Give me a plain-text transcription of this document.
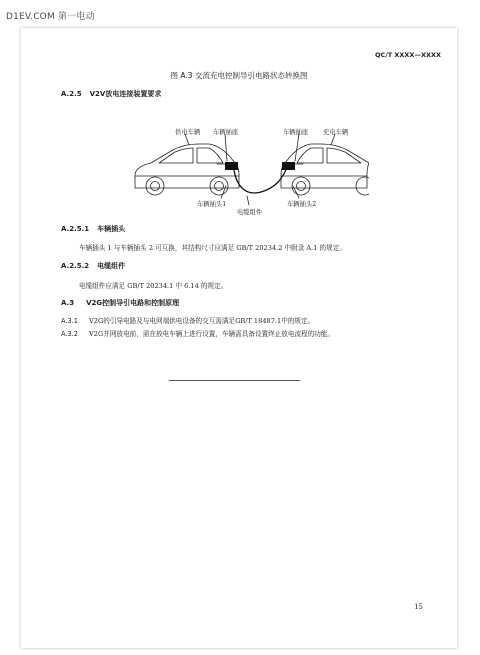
D1EV.COM 第一电动
QC/T XXXX—XXXX
图 A.3 交流充电控制导引电路状态转换图
A.2.5 V2V放电连接装置要求
供电车辆 车辆插座	车辆插座 充电车辆
车辆插头1	车辆插头2
电缆组件
A.2.5.1 车辆插头
车辆插头 1 与车辆插头 2 可互换，其结构尺寸应满足 GB/T 20234.2 中附录 A.1 的规定。
A.2.5.2 电缆组件
电缆组件应满足 GB/T 20234.1 中 6.14 的规定。
A.3 V2G控制导引电路和控制原理
A.3.1 V2G的引导电路及与电网端供电设备的交互需满足GB/T 18487.1中的规定。
A.3.2 V2G并网放电前，需在放电车辆上进行设置，车辆需具备设置终止放电流程的功能。
15
